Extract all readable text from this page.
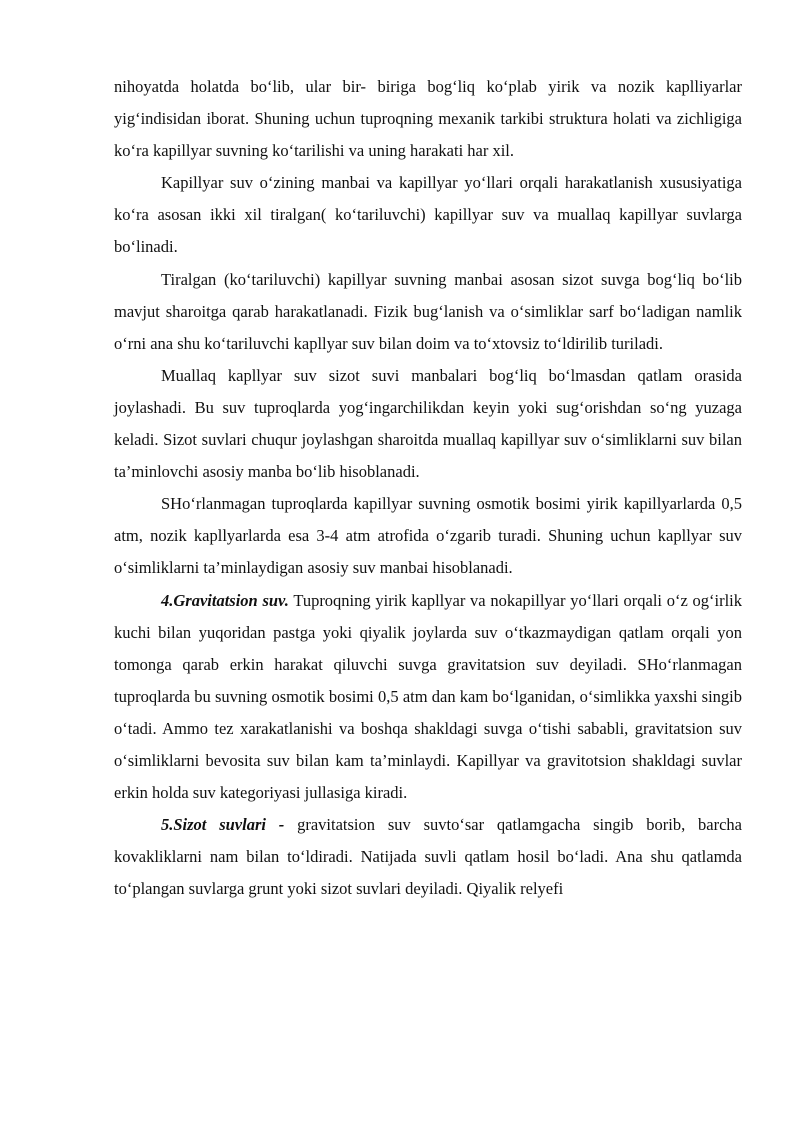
nihoyatda holatda bo‘lib, ular bir- biriga bog‘liq ko‘plab yirik va nozik kaplliyarlar yig‘indisidan iborat. Shuning uchun tuproqning mexanik tarkibi struktura holati va zichligiga ko‘ra kapillyar suvning ko‘tarilishi va uning harakati har xil.

Kapillyar suv o‘zining manbai va kapillyar yo‘llari orqali harakatlanish xususiyatiga ko‘ra asosan ikki xil tiralgan( ko‘tariluvchi) kapillyar suv va muallaq kapillyar suvlarga bo‘linadi.

Tiralgan (ko‘tariluvchi) kapillyar suvning manbai asosan sizot suvga bog‘liq bo‘lib mavjut sharoitga qarab harakatlanadi. Fizik bug‘lanish va o‘simliklar sarf bo‘ladigan namlik o‘rni ana shu ko‘tariluvchi kapllyar suv bilan doim va to‘xtovsiz to‘ldirilib turiladi.

Muallaq kapllyar suv sizot suvi manbalari bog‘liq bo‘lmasdan qatlam orasida joylashadi. Bu suv tuproqlarda yog‘ingarchilikdan keyin yoki sug‘orishdan so‘ng yuzaga keladi. Sizot suvlari chuqur joylashgan sharoitda muallaq kapillyar suv o‘simliklarni suv bilan ta’minlovchi asosiy manba bo‘lib hisoblanadi.

SHo‘rlanmagan tuproqlarda kapillyar suvning osmotik bosimi yirik kapillyarlarda 0,5 atm, nozik kapllyarlarda esa 3-4 atm atrofida o‘zgarib turadi. Shuning uchun kapllyar suv o‘simliklarni ta’minlaydigan asosiy suv manbai hisoblanadi.

4.Gravitatsion suv. Tuproqning yirik kapllyar va nokapillyar yo‘llari orqali o‘z og‘irlik kuchi bilan yuqoridan pastga yoki qiyalik joylarda suv o‘tkazmaydigan qatlam orqali yon tomonga qarab erkin harakat qiluvchi suvga gravitatsion suv deyiladi. SHo‘rlanmagan tuproqlarda bu suvning osmotik bosimi 0,5 atm dan kam bo‘lganidan, o‘simlikka yaxshi singib o‘tadi. Ammo tez xarakatlanishi va boshqa shakldagi suvga o‘tishi sababli, gravitatsion suv o‘simliklarni bevosita suv bilan kam ta’minlaydi. Kapillyar va gravitotsion shakldagi suvlar erkin holda suv kategoriyasi jullasiga kiradi.

5.Sizot suvlari - gravitatsion suv suvto‘sar qatlamgacha singib borib, barcha kovakliklarni nam bilan to‘ldiradi. Natijada suvli qatlam hosil bo‘ladi. Ana shu qatlamda to‘plangan suvlarga grunt yoki sizot suvlari deyiladi. Qiyalik relyefi
